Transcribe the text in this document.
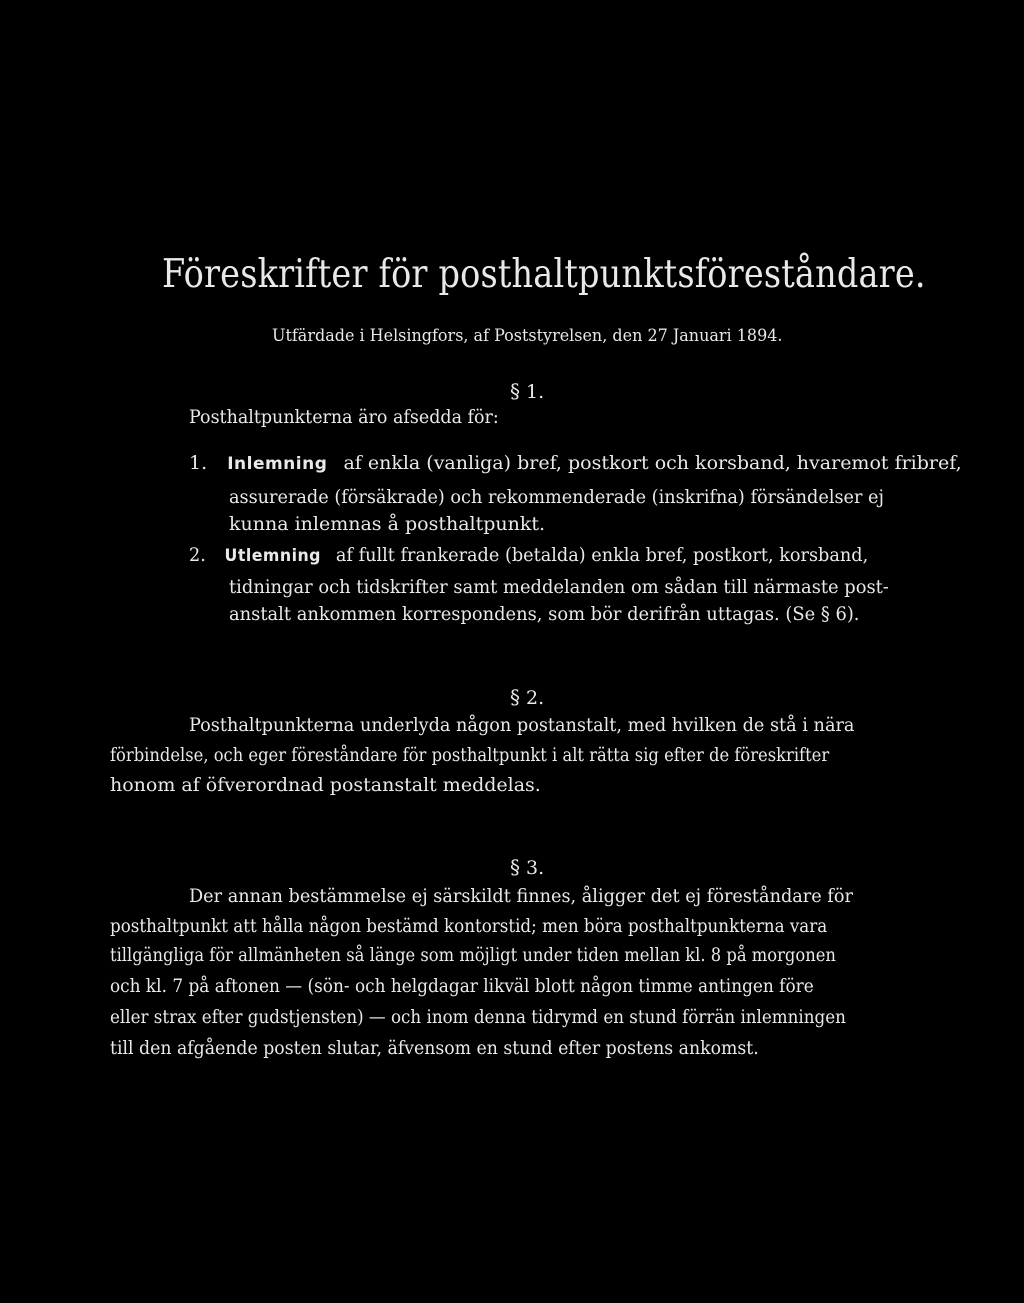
Föreskrifter för posthaltpunktsföreståndare.
Utfärdade i Helsingfors, af Poststyrelsen, den 27 Januari 1894.
§ 1.
Posthaltpunkterna äro afsedda för:
1. Inlemning af enkla (vanliga) bref, postkort och korsband, hvaremot fribref,
assurerade (försäkrade) och rekommenderade (inskrifna) försändelser ej
kunna inlemnas å posthaltpunkt.
2. Utlemning af fullt frankerade (betalda) enkla bref, postkort, korsband,
tidningar och tidskrifter samt meddelanden om sådan till närmaste post-
anstalt ankommen korrespondens, som bör derifrån uttagas. (Se § 6).
§ 2.
Posthaltpunkterna underlyda någon postanstalt, med hvilken de stå i nära
förbindelse, och eger föreståndare för posthaltpunkt i alt rätta sig efter de föreskrifter
honom af öfverordnad postanstalt meddelas.
§ 3.
Der annan bestämmelse ej särskildt finnes, åligger det ej föreståndare för
posthaltpunkt att hålla någon bestämd kontorstid; men böra posthaltpunkterna vara
tillgängliga för allmänheten så länge som möjligt under tiden mellan kl. 8 på morgonen
och kl. 7 på aftonen — (sön- och helgdagar likväl blott någon timme antingen före
eller strax efter gudstjensten) — och inom denna tidrymd en stund förrän inlemningen
till den afgående posten slutar, äfvensom en stund efter postens ankomst.
